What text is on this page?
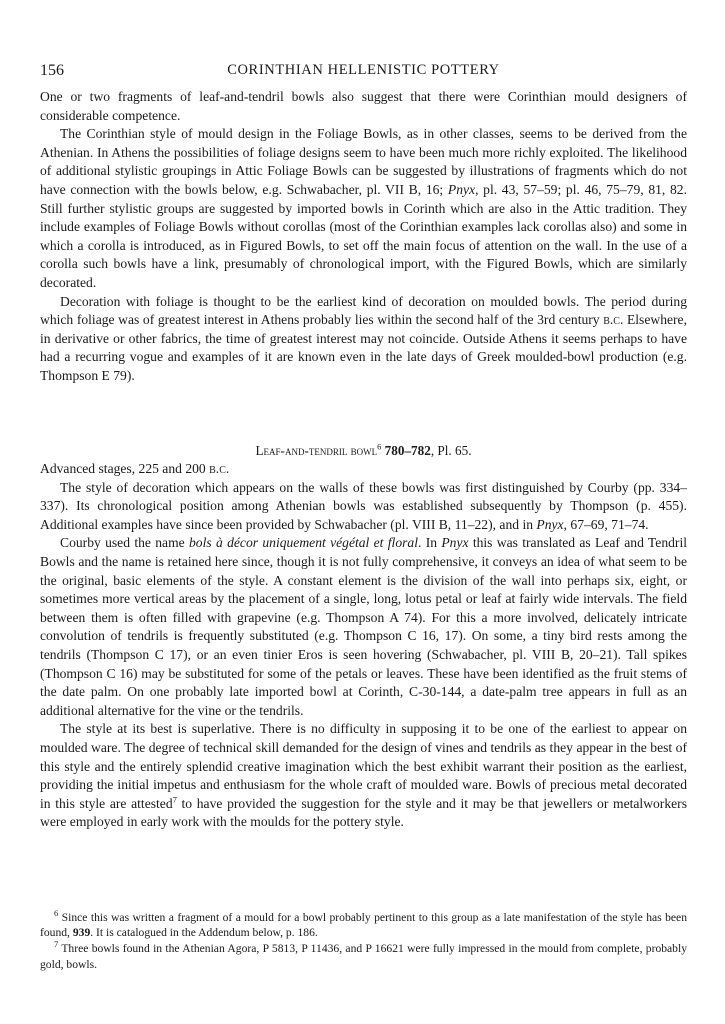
156	CORINTHIAN HELLENISTIC POTTERY

One or two fragments of leaf-and-tendril bowls also suggest that there were Corinthian mould designers of considerable competence.

The Corinthian style of mould design in the Foliage Bowls, as in other classes, seems to be derived from the Athenian. In Athens the possibilities of foliage designs seem to have been much more richly exploited. The likelihood of additional stylistic groupings in Attic Foliage Bowls can be suggested by illustrations of fragments which do not have connection with the bowls below, e.g. Schwabacher, pl. VII B, 16; Pnyx, pl. 43, 57–59; pl. 46, 75–79, 81, 82. Still further stylistic groups are suggested by imported bowls in Corinth which are also in the Attic tradition. They include examples of Foliage Bowls without corollas (most of the Corinthian examples lack corollas also) and some in which a corolla is introduced, as in Figured Bowls, to set off the main focus of attention on the wall. In the use of a corolla such bowls have a link, presumably of chronological import, with the Figured Bowls, which are similarly decorated.

Decoration with foliage is thought to be the earliest kind of decoration on moulded bowls. The period during which foliage was of greatest interest in Athens probably lies within the second half of the 3rd century b.c. Elsewhere, in derivative or other fabrics, the time of greatest interest may not coincide. Outside Athens it seems perhaps to have had a recurring vogue and examples of it are known even in the late days of Greek moulded-bowl production (e.g. Thompson E 79).

Leaf-and-tendril bowl$^6$ 780–782, Pl. 65.

Advanced stages, 225 and 200 b.c.

The style of decoration which appears on the walls of these bowls was first distinguished by Courby (pp. 334–337). Its chronological position among Athenian bowls was established subsequently by Thompson (p. 455). Additional examples have since been provided by Schwabacher (pl. VIII B, 11–22), and in Pnyx, 67–69, 71–74.

Courby used the name bols à décor uniquement végétal et floral. In Pnyx this was translated as Leaf and Tendril Bowls and the name is retained here since, though it is not fully comprehensive, it conveys an idea of what seem to be the original, basic elements of the style. A constant element is the division of the wall into perhaps six, eight, or sometimes more vertical areas by the placement of a single, long, lotus petal or leaf at fairly wide intervals. The field between them is often filled with grapevine (e.g. Thompson A 74). For this a more involved, delicately intricate convolution of tendrils is frequently substituted (e.g. Thompson C 16, 17). On some, a tiny bird rests among the tendrils (Thompson C 17), or an even tinier Eros is seen hovering (Schwabacher, pl. VIII B, 20–21). Tall spikes (Thompson C 16) may be substituted for some of the petals or leaves. These have been identified as the fruit stems of the date palm. On one probably late imported bowl at Corinth, C-30-144, a date-palm tree appears in full as an additional alternative for the vine or the tendrils.

The style at its best is superlative. There is no difficulty in supposing it to be one of the earliest to appear on moulded ware. The degree of technical skill demanded for the design of vines and tendrils as they appear in the best of this style and the entirely splendid creative imagination which the best exhibit warrant their position as the earliest, providing the initial impetus and enthusiasm for the whole craft of moulded ware. Bowls of precious metal decorated in this style are attested$^7$ to have provided the suggestion for the style and it may be that jewellers or metalworkers were employed in early work with the moulds for the pottery style.

$^6$ Since this was written a fragment of a mould for a bowl probably pertinent to this group as a late manifestation of the style has been found, 939. It is catalogued in the Addendum below, p. 186.

$^7$ Three bowls found in the Athenian Agora, P 5813, P 11436, and P 16621 were fully impressed in the mould from complete, probably gold, bowls.
